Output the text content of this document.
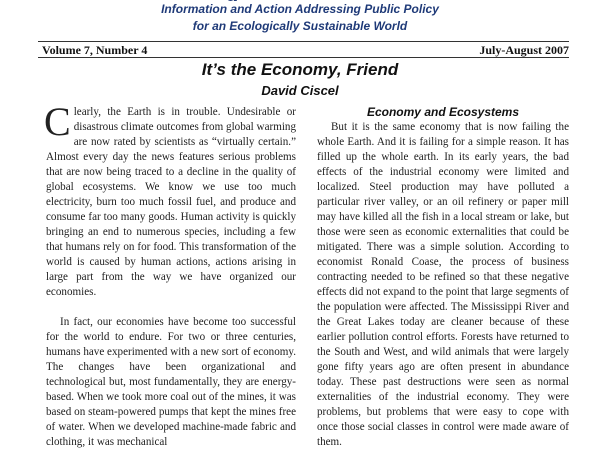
Information and Action Addressing Public Policy
for an Ecologically Sustainable World
Volume 7, Number 4	July-August 2007
It’s the Economy, Friend
David Ciscel

Clearly, the Earth is in trouble. Undesirable or disastrous climate outcomes from global warming are now rated by scientists as “virtually certain.” Almost every day the news features serious problems that are now being traced to a decline in the quality of global ecosystems. We know we use too much electricity, burn too much fossil fuel, and produce and consume far too many goods. Human activity is quickly bringing an end to numerous species, including a few that humans rely on for food. This transformation of the world is caused by human actions, actions arising in large part from the way we have organized our economies.

In fact, our economies have become too successful for the world to endure. For two or three centuries, humans have experimented with a new sort of economy. The changes have been organizational and technological but, most fundamentally, they are energy-based. When we took more coal out of the mines, it was based on steam-powered pumps that kept the mines free of water. When we developed machine-made fabric and clothing, it was mechanical

Economy and Ecosystems

But it is the same economy that is now failing the whole Earth. And it is failing for a simple reason. It has filled up the whole earth. In its early years, the bad effects of the industrial economy were limited and localized. Steel production may have polluted a particular river valley, or an oil refinery or paper mill may have killed all the fish in a local stream or lake, but those were seen as economic externalities that could be mitigated. There was a simple solution. According to economist Ronald Coase, the process of business contracting needed to be refined so that these negative effects did not expand to the point that large segments of the population were affected. The Mississippi River and the Great Lakes today are cleaner because of these earlier pollution control efforts. Forests have returned to the South and West, and wild animals that were largely gone fifty years ago are often present in abundance today. These past destructions were seen as normal externalities of the industrial economy. They were problems, but problems that were easy to cope with once those social classes in control were made aware of them.
